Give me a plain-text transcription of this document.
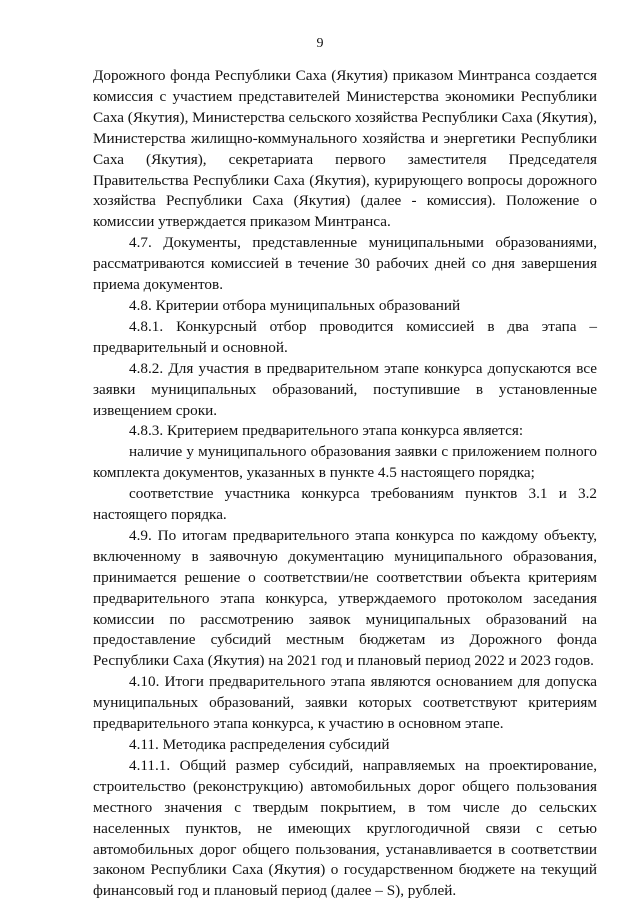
9

Дорожного фонда Республики Саха (Якутия) приказом Минтранса создается комиссия с участием представителей Министерства экономики Республики Саха (Якутия), Министерства сельского хозяйства Республики Саха (Якутия), Министерства жилищно-коммунального хозяйства и энергетики Республики Саха (Якутия), секретариата первого заместителя Председателя Правительства Республики Саха (Якутия), курирующего вопросы дорожного хозяйства Республики Саха (Якутия) (далее - комиссия). Положение о комиссии утверждается приказом Минтранса.

4.7. Документы, представленные муниципальными образованиями, рассматриваются комиссией в течение 30 рабочих дней со дня завершения приема документов.

4.8. Критерии отбора муниципальных образований

4.8.1. Конкурсный отбор проводится комиссией в два этапа – предварительный и основной.

4.8.2. Для участия в предварительном этапе конкурса допускаются все заявки муниципальных образований, поступившие в установленные извещением сроки.

4.8.3. Критерием предварительного этапа конкурса является:

наличие у муниципального образования заявки с приложением полного комплекта документов, указанных в пункте 4.5 настоящего порядка;

соответствие участника конкурса требованиям пунктов 3.1 и 3.2 настоящего порядка.

4.9. По итогам предварительного этапа конкурса по каждому объекту, включенному в заявочную документацию муниципального образования, принимается решение о соответствии/не соответствии объекта критериям предварительного этапа конкурса, утверждаемого протоколом заседания комиссии по рассмотрению заявок муниципальных образований на предоставление субсидий местным бюджетам из Дорожного фонда Республики Саха (Якутия) на 2021 год и плановый период 2022 и 2023 годов.

4.10. Итоги предварительного этапа являются основанием для допуска муниципальных образований, заявки которых соответствуют критериям предварительного этапа конкурса, к участию в основном этапе.

4.11. Методика распределения субсидий

4.11.1. Общий размер субсидий, направляемых на проектирование, строительство (реконструкцию) автомобильных дорог общего пользования местного значения с твердым покрытием, в том числе до сельских населенных пунктов, не имеющих круглогодичной связи с сетью автомобильных дорог общего пользования, устанавливается в соответствии законом Республики Саха (Якутия) о государственном бюджете на текущий финансовый год и плановый период (далее – S), рублей.
